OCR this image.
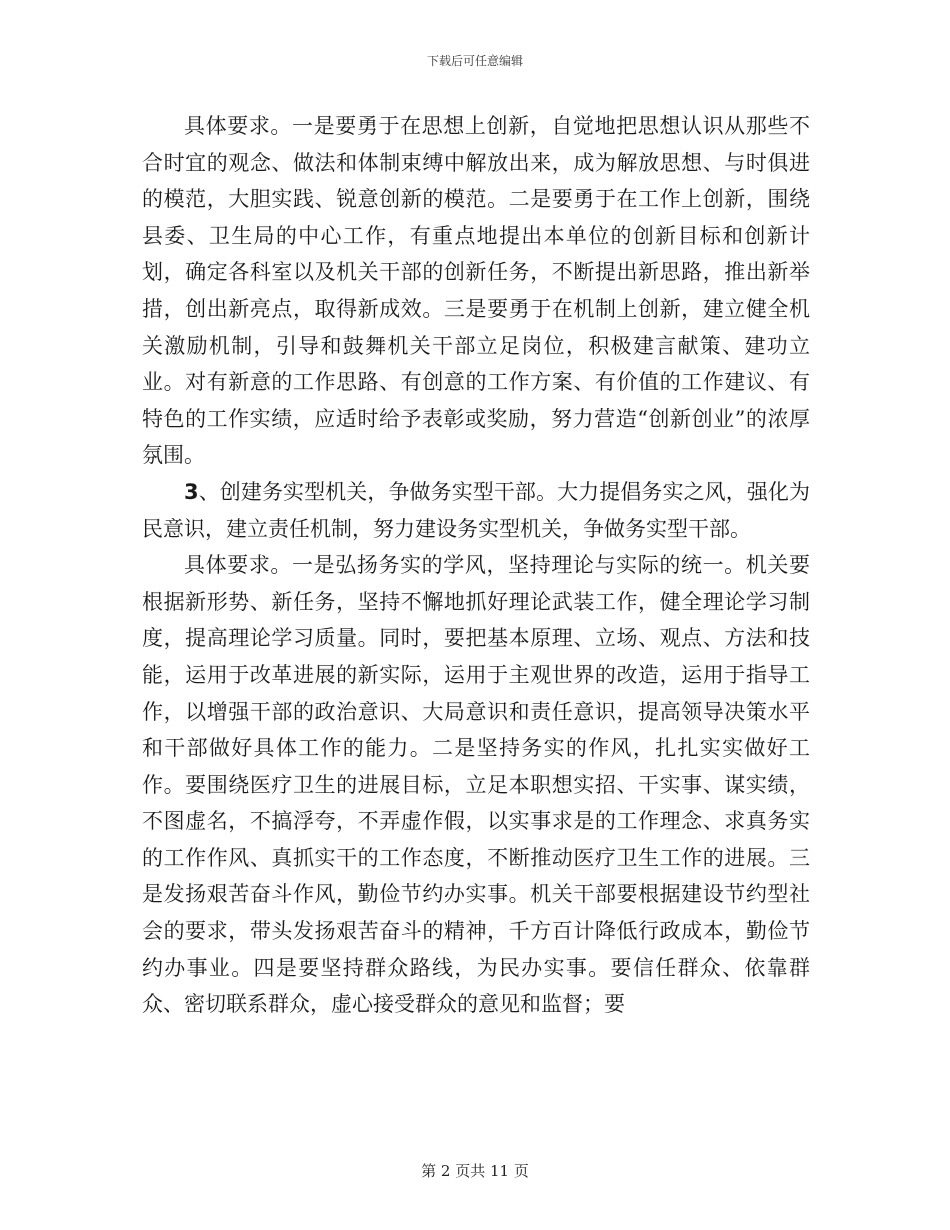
下载后可任意编辑

具体要求。一是要勇于在思想上创新，自觉地把思想认识从那些不合时宜的观念、做法和体制束缚中解放出来，成为解放思想、与时俱进的模范，大胆实践、锐意创新的模范。二是要勇于在工作上创新，围绕县委、卫生局的中心工作，有重点地提出本单位的创新目标和创新计划，确定各科室以及机关干部的创新任务，不断提出新思路，推出新举措，创出新亮点，取得新成效。三是要勇于在机制上创新，建立健全机关激励机制，引导和鼓舞机关干部立足岗位，积极建言献策、建功立业。对有新意的工作思路、有创意的工作方案、有价值的工作建议、有特色的工作实绩，应适时给予表彰或奖励，努力营造“创新创业”的浓厚氛围。

3、创建务实型机关，争做务实型干部。大力提倡务实之风，强化为民意识，建立责任机制，努力建设务实型机关，争做务实型干部。

具体要求。一是弘扬务实的学风，坚持理论与实际的统一。机关要根据新形势、新任务，坚持不懈地抓好理论武装工作，健全理论学习制度，提高理论学习质量。同时，要把基本原理、立场、观点、方法和技能，运用于改革进展的新实际，运用于主观世界的改造，运用于指导工作，以增强干部的政治意识、大局意识和责任意识，提高领导决策水平和干部做好具体工作的能力。二是坚持务实的作风，扎扎实实做好工作。要围绕医疗卫生的进展目标，立足本职想实招、干实事、谋实绩，不图虚名，不搞浮夸，不弄虚作假，以实事求是的工作理念、求真务实的工作作风、真抓实干的工作态度，不断推动医疗卫生工作的进展。三是发扬艰苦奋斗作风，勤俭节约办实事。机关干部要根据建设节约型社会的要求，带头发扬艰苦奋斗的精神，千方百计降低行政成本，勤俭节约办事业。四是要坚持群众路线，为民办实事。要信任群众、依靠群众、密切联系群众，虚心接受群众的意见和监督；要

第 2 页共 11 页
